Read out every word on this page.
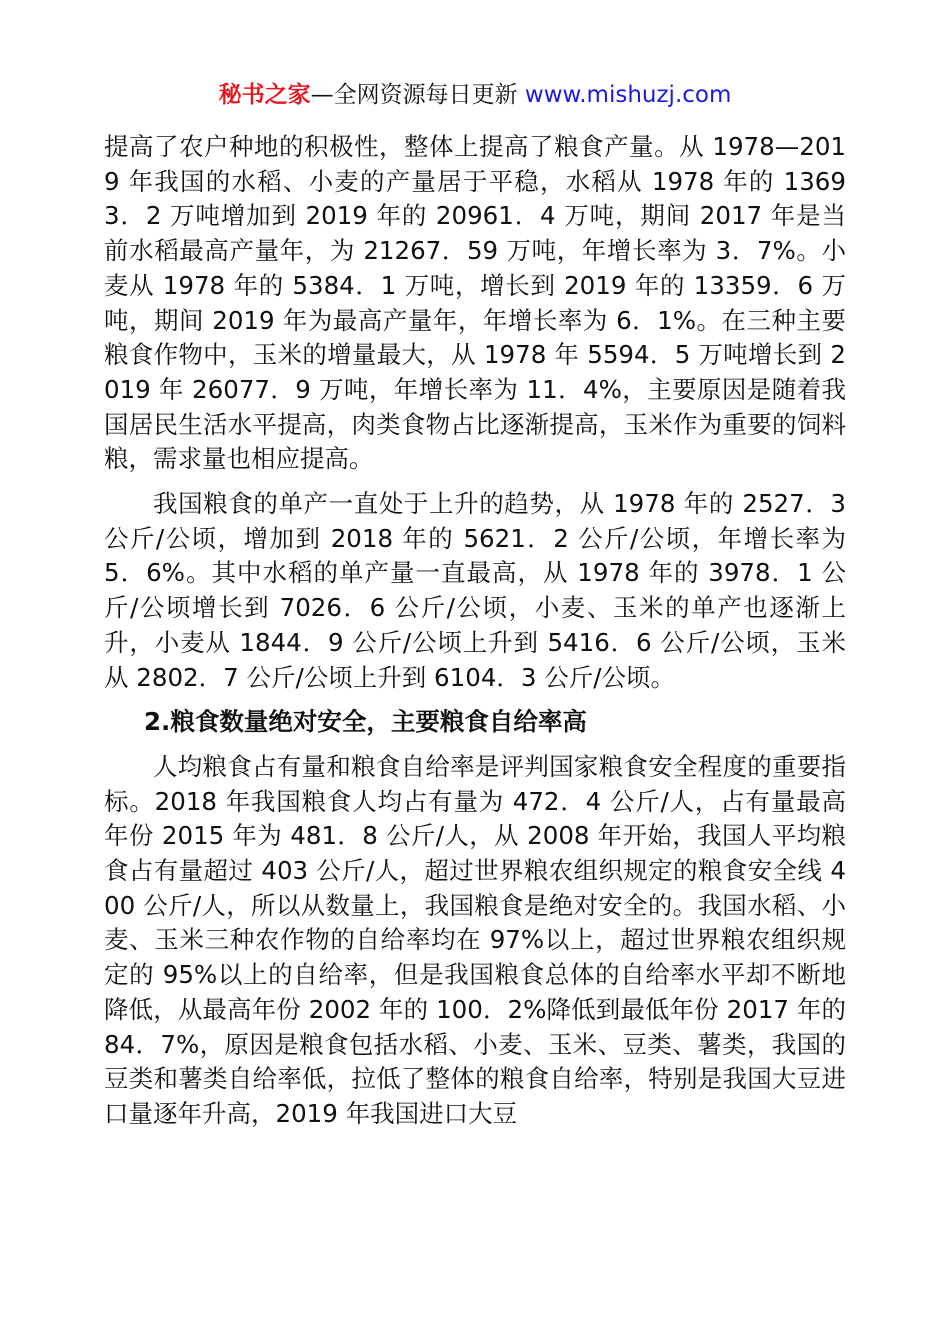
秘书之家—全网资源每日更新 www.mishuzj.com

提高了农户种地的积极性，整体上提高了粮食产量。从 1978—2019 年我国的水稻、小麦的产量居于平稳，水稻从 1978 年的 13693．2 万吨增加到 2019 年的 20961．4 万吨，期间 2017 年是当前水稻最高产量年，为 21267．59 万吨，年增长率为 3．7%。小麦从 1978 年的 5384．1 万吨，增长到 2019 年的 13359．6 万吨，期间 2019 年为最高产量年，年增长率为 6．1%。在三种主要粮食作物中，玉米的增量最大，从 1978 年 5594．5 万吨增长到 2019 年 26077．9 万吨，年增长率为 11．4%，主要原因是随着我国居民生活水平提高，肉类食物占比逐渐提高，玉米作为重要的饲料粮，需求量也相应提高。

我国粮食的单产一直处于上升的趋势，从 1978 年的 2527．3 公斤/公顷，增加到 2018 年的 5621．2 公斤/公顷，年增长率为 5．6%。其中水稻的单产量一直最高，从 1978 年的 3978．1 公斤/公顷增长到 7026．6 公斤/公顷，小麦、玉米的单产也逐渐上升，小麦从 1844．9 公斤/公顷上升到 5416．6 公斤/公顷，玉米从 2802．7 公斤/公顷上升到 6104．3 公斤/公顷。

2.粮食数量绝对安全，主要粮食自给率高

人均粮食占有量和粮食自给率是评判国家粮食安全程度的重要指标。2018 年我国粮食人均占有量为 472．4 公斤/人，占有量最高年份 2015 年为 481．8 公斤/人，从 2008 年开始，我国人平均粮食占有量超过 403 公斤/人，超过世界粮农组织规定的粮食安全线 400 公斤/人，所以从数量上，我国粮食是绝对安全的。我国水稻、小麦、玉米三种农作物的自给率均在 97%以上，超过世界粮农组织规定的 95%以上的自给率，但是我国粮食总体的自给率水平却不断地降低，从最高年份 2002 年的 100．2%降低到最低年份 2017 年的 84．7%，原因是粮食包括水稻、小麦、玉米、豆类、薯类，我国的豆类和薯类自给率低，拉低了整体的粮食自给率，特别是我国大豆进口量逐年升高，2019 年我国进口大豆
